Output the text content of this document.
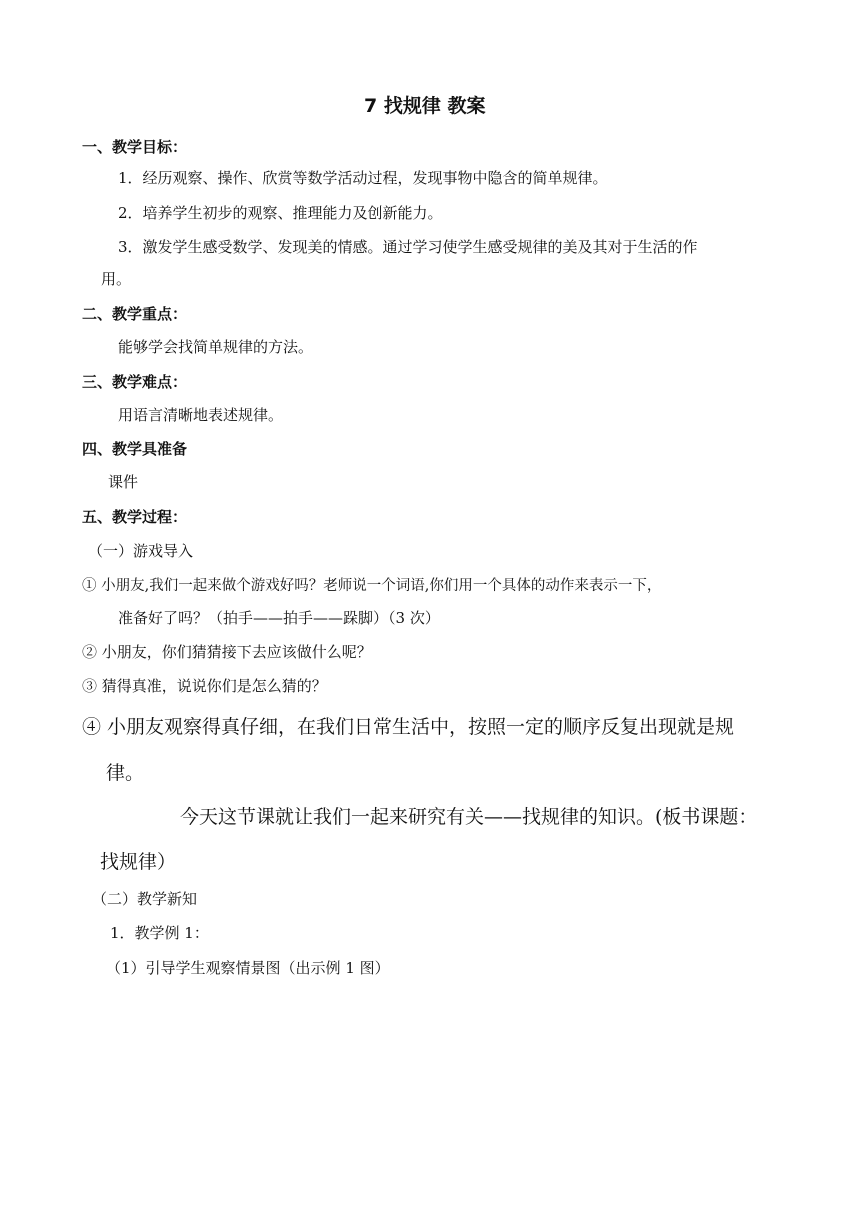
7 找规律 教案
一、教学目标：
1．经历观察、操作、欣赏等数学活动过程，发现事物中隐含的简单规律。
2．培养学生初步的观察、推理能力及创新能力。
3．激发学生感受数学、发现美的情感。通过学习使学生感受规律的美及其对于生活的作
用。
二、教学重点：
能够学会找简单规律的方法。
三、教学难点：
用语言清晰地表述规律。
四、教学具准备
课件
五、教学过程：
（一）游戏导入
① 小朋友,我们一起来做个游戏好吗？老师说一个词语,你们用一个具体的动作来表示一下，
准备好了吗？（拍手——拍手——跺脚）（3 次）
② 小朋友，你们猜猜接下去应该做什么呢？
③ 猜得真准，说说你们是怎么猜的？
④ 小朋友观察得真仔细，在我们日常生活中，按照一定的顺序反复出现就是规
律。
今天这节课就让我们一起来研究有关——找规律的知识。(板书课题：
找规律）
（二）教学新知
1．教学例 1：
（1）引导学生观察情景图（出示例 1 图）
